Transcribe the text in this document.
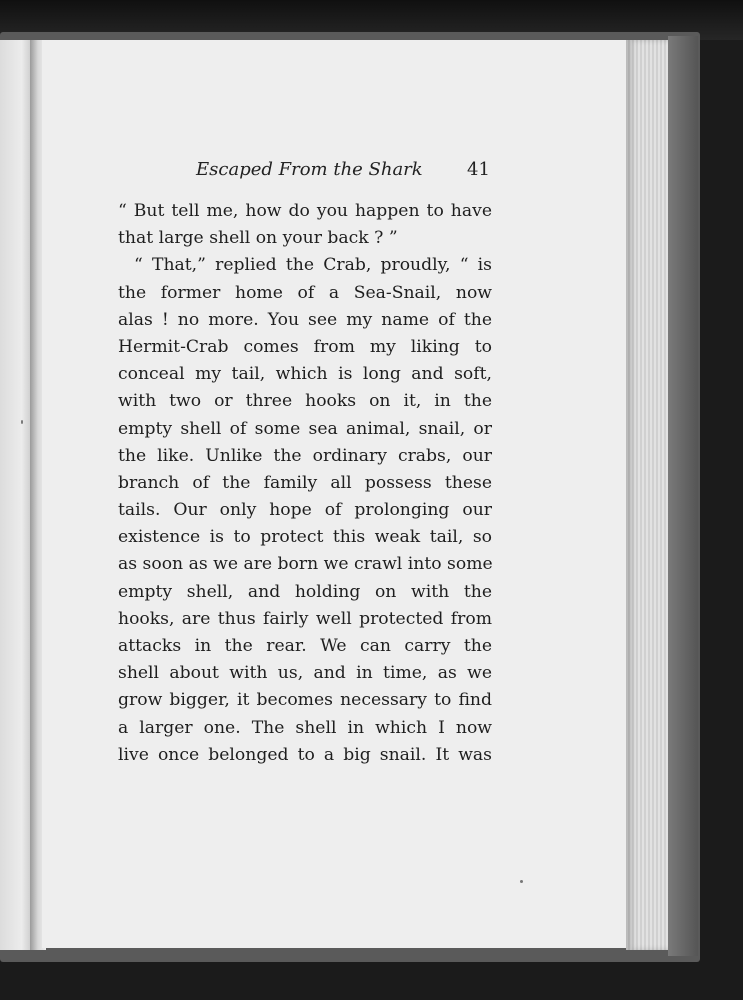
Escaped From the Shark 41
“ But tell me, how do you happen to have
that large shell on your back ? ”
“ That,” replied the Crab, proudly, “ is
the former home of a Sea-Snail, now
alas ! no more. You see my name of the
Hermit-Crab comes from my liking to
conceal my tail, which is long and soft,
with two or three hooks on it, in the
empty shell of some sea animal, snail, or
the like. Unlike the ordinary crabs, our
branch of the family all possess these
tails. Our only hope of prolonging our
existence is to protect this weak tail, so
as soon as we are born we crawl into some
empty shell, and holding on with the
hooks, are thus fairly well protected from
attacks in the rear. We can carry the
shell about with us, and in time, as we
grow bigger, it becomes necessary to find
a larger one. The shell in which I now
live once belonged to a big snail. It was
